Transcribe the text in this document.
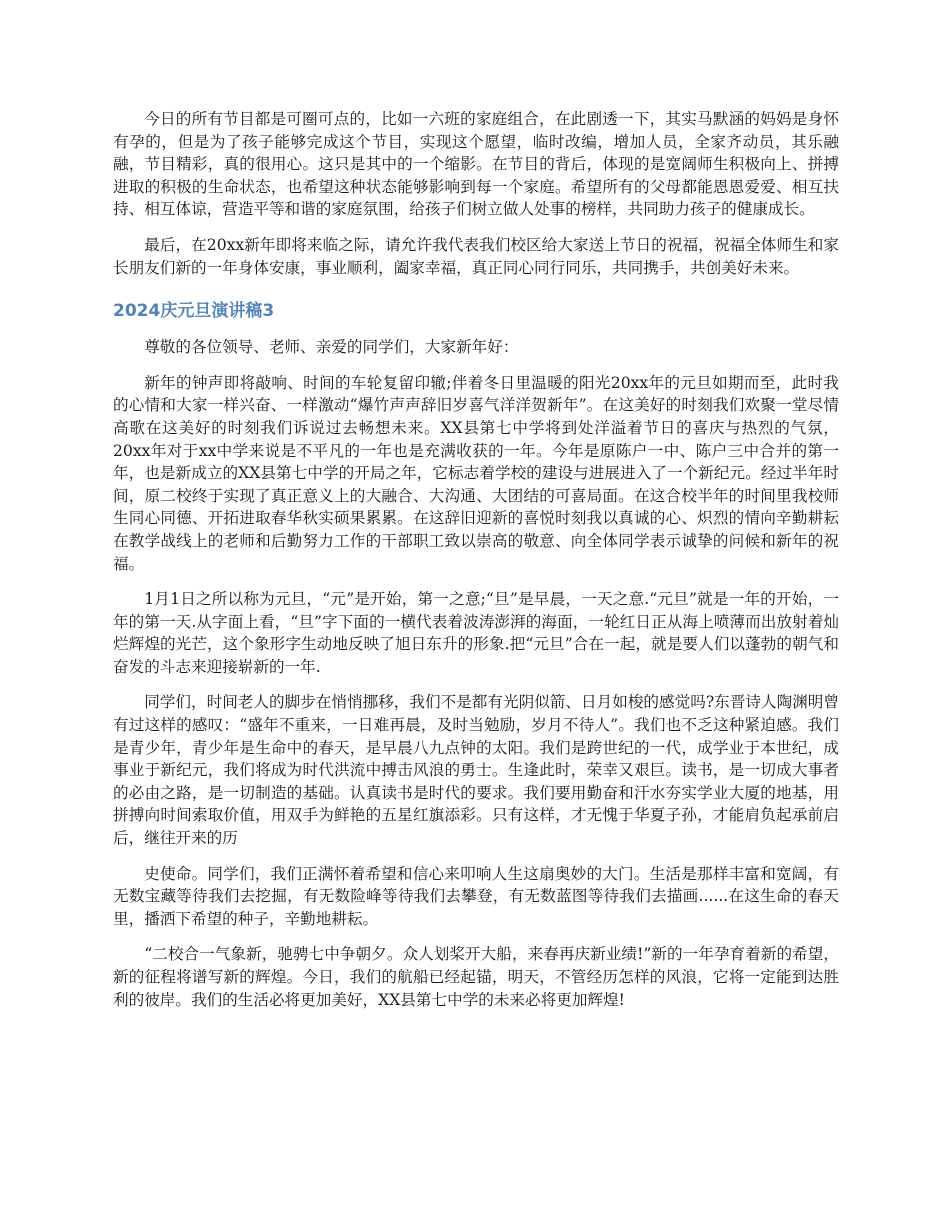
今日的所有节目都是可圈可点的，比如一六班的家庭组合，在此剧透一下，其实马默涵的妈妈是身怀有孕的，但是为了孩子能够完成这个节目，实现这个愿望，临时改编，增加人员，全家齐动员，其乐融融，节目精彩，真的很用心。这只是其中的一个缩影。在节目的背后，体现的是宽阔师生积极向上、拼搏进取的积极的生命状态，也希望这种状态能够影响到每一个家庭。希望所有的父母都能恩恩爱爱、相互扶持、相互体谅，营造平等和谐的家庭氛围，给孩子们树立做人处事的榜样，共同助力孩子的健康成长。

最后，在20xx新年即将来临之际，请允许我代表我们校区给大家送上节日的祝福，祝福全体师生和家长朋友们新的一年身体安康，事业顺利，阖家幸福，真正同心同行同乐，共同携手，共创美好未来。

2024庆元旦演讲稿3

尊敬的各位领导、老师、亲爱的同学们，大家新年好：

新年的钟声即将敲响、时间的车轮复留印辙;伴着冬日里温暖的阳光20xx年的元旦如期而至，此时我的心情和大家一样兴奋、一样激动“爆竹声声辞旧岁喜气洋洋贺新年”。在这美好的时刻我们欢聚一堂尽情高歌在这美好的时刻我们诉说过去畅想未来。XX县第七中学将到处洋溢着节日的喜庆与热烈的气氛，20xx年对于xx中学来说是不平凡的一年也是充满收获的一年。今年是原陈户一中、陈户三中合并的第一年，也是新成立的XX县第七中学的开局之年，它标志着学校的建设与进展进入了一个新纪元。经过半年时间，原二校终于实现了真正意义上的大融合、大沟通、大团结的可喜局面。在这合校半年的时间里我校师生同心同德、开拓进取春华秋实硕果累累。在这辞旧迎新的喜悦时刻我以真诚的心、炽烈的情向辛勤耕耘在教学战线上的老师和后勤努力工作的干部职工致以崇高的敬意、向全体同学表示诚挚的问候和新年的祝福。

1月1日之所以称为元旦，“元”是开始，第一之意;“旦”是早晨，一天之意.“元旦”就是一年的开始，一年的第一天.从字面上看，“旦”字下面的一横代表着波涛澎湃的海面，一轮红日正从海上喷薄而出放射着灿烂辉煌的光芒，这个象形字生动地反映了旭日东升的形象.把“元旦”合在一起，就是要人们以蓬勃的朝气和奋发的斗志来迎接崭新的一年.

同学们，时间老人的脚步在悄悄挪移，我们不是都有光阴似箭、日月如梭的感觉吗?东晋诗人陶渊明曾有过这样的感叹：“盛年不重来，一日难再晨，及时当勉励，岁月不待人”。我们也不乏这种紧迫感。我们是青少年，青少年是生命中的春天，是早晨八九点钟的太阳。我们是跨世纪的一代，成学业于本世纪，成事业于新纪元，我们将成为时代洪流中搏击风浪的勇士。生逢此时，荣幸又艰巨。读书，是一切成大事者的必由之路，是一切制造的基础。认真读书是时代的要求。我们要用勤奋和汗水夯实学业大厦的地基，用拼搏向时间索取价值，用双手为鲜艳的五星红旗添彩。只有这样，才无愧于华夏子孙，才能肩负起承前启后，继往开来的历

史使命。同学们，我们正满怀着希望和信心来叩响人生这扇奥妙的大门。生活是那样丰富和宽阔，有无数宝藏等待我们去挖掘，有无数险峰等待我们去攀登，有无数蓝图等待我们去描画......在这生命的春天里，播洒下希望的种子，辛勤地耕耘。

“二校合一气象新，驰骋七中争朝夕。众人划桨开大船，来春再庆新业绩!”新的一年孕育着新的希望，新的征程将谱写新的辉煌。今日，我们的航船已经起锚，明天，不管经历怎样的风浪，它将一定能到达胜利的彼岸。我们的生活必将更加美好，XX县第七中学的未来必将更加辉煌!
